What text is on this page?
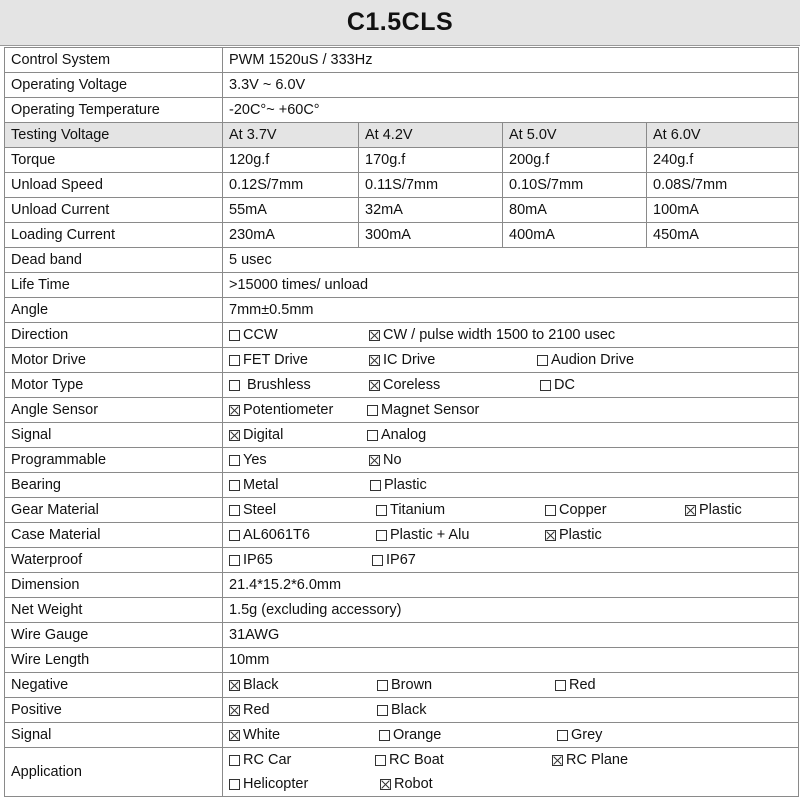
C1.5CLS
Control System	PWM 1520uS / 333Hz			
Operating Voltage	3.3V ~ 6.0V			
Operating Temperature	-20C°~ +60C°			
Testing Voltage	At 3.7V	At 4.2V	At 5.0V	At 6.0V
Torque	120g.f	170g.f	200g.f	240g.f
Unload Speed	0.12S/7mm	0.11S/7mm	0.10S/7mm	0.08S/7mm
Unload Current	55mA	32mA	80mA	100mA
Loading Current	230mA	300mA	400mA	450mA
Dead band	5 usec			
Life Time	>15000 times/ unload			
Angle	7mm±0.5mm			
Direction	CCW CW / pulse width 1500 to 2100 usec			

Motor Drive	FET Drive IC Drive Audion Drive			

Motor Type	Brushless Coreless DC			

Angle Sensor	Potentiometer Magnet Sensor			

Signal	Digital Analog			

Programmable	Yes No			

Bearing	Metal Plastic			

Gear Material	Steel Titanium Copper Plastic			

Case Material	AL6061T6 Plastic + Alu Plastic			

Waterproof	IP65 IP67			

Dimension	21.4*15.2*6.0mm			
Net Weight	1.5g (excluding accessory)			
Wire Gauge	31AWG			
Wire Length	10mm			
Negative	Black Brown Red			

Positive	Red Black			

Signal	White Orange Grey			

Application	RC Car RC Boat RC Plane
Helicopter Robot			
